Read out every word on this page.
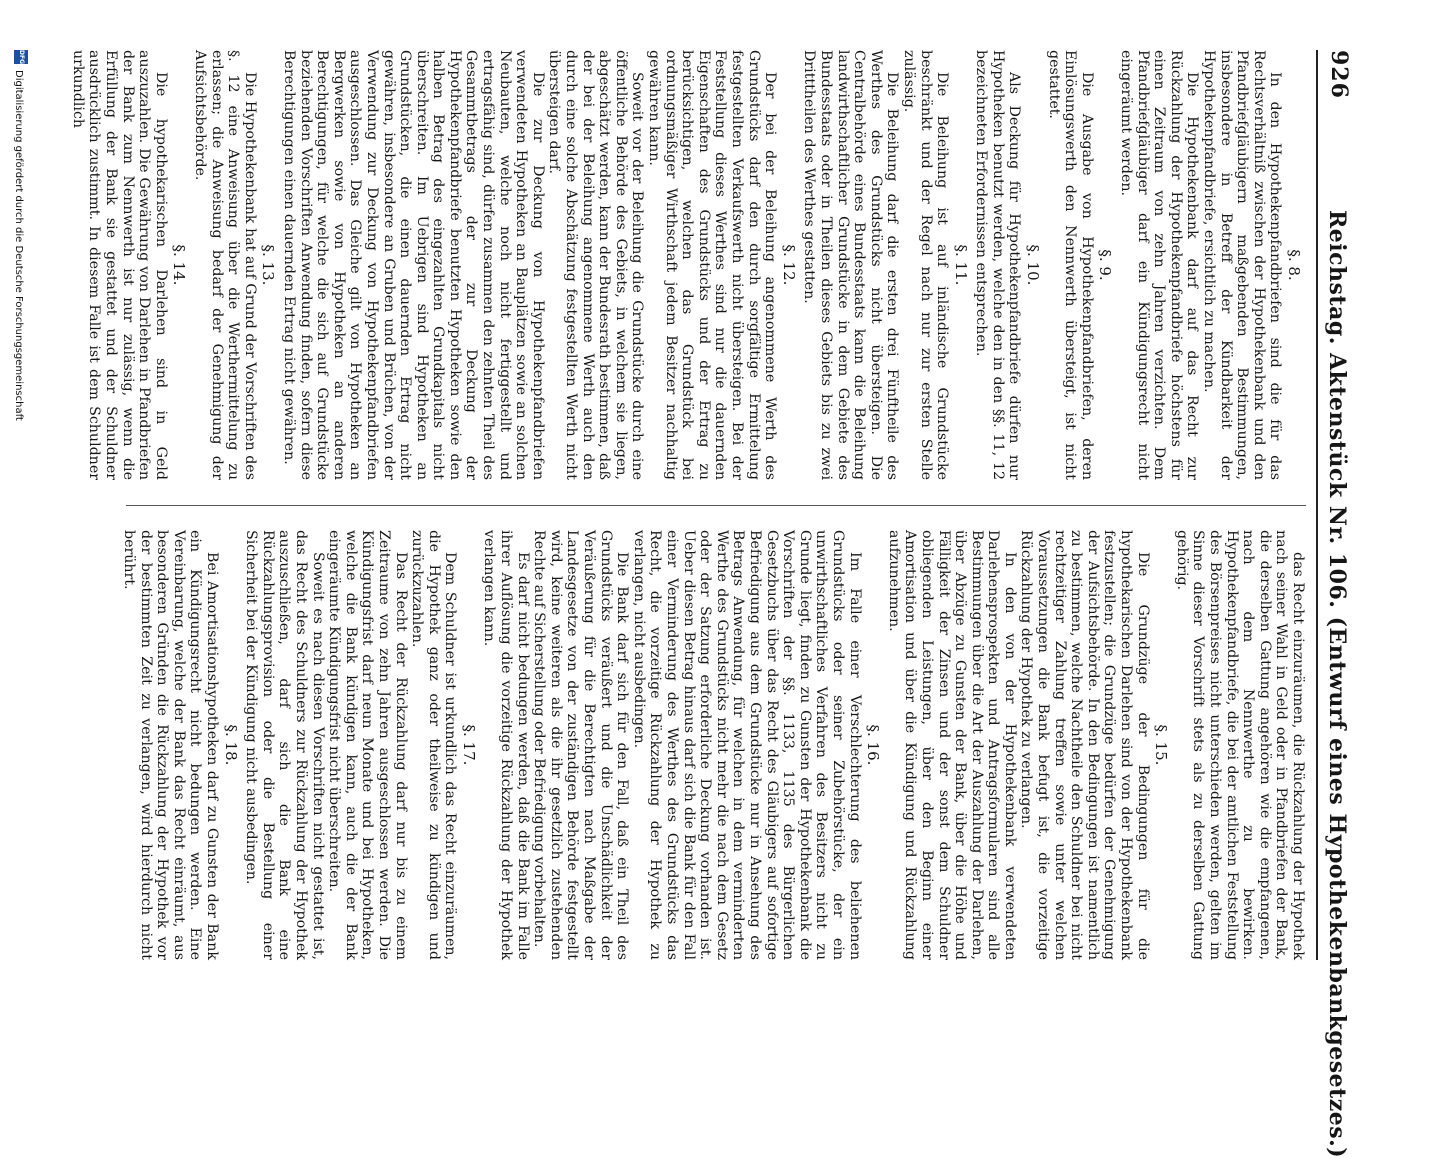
926
Reichstag. Aktenstück Nr. 106. (Entwurf eines Hypothekenbankgesetzes.)
§. 8.

In den Hypothekenpfandbriefen sind die für das Rechtsverhältniß zwischen der Hypothekenbank und den Pfandbriefgläubigern maßgebenden Bestimmungen, insbesondere in Betreff der Kündbarkeit der Hypothekenpfandbriefe, ersichtlich zu machen.

Die Hypothekenbank darf auf das Recht zur Rückzahlung der Hypothekenpfandbriefe höchstens für einen Zeitraum von zehn Jahren verzichten. Dem Pfandbriefgläubiger darf ein Kündigungsrecht nicht eingeräumt werden.

§. 9.

Die Ausgabe von Hypothekenpfandbriefen, deren Einlösungswerth den Nennwerth übersteigt, ist nicht gestattet.

§. 10.

Als Deckung für Hypothekenpfandbriefe dürfen nur Hypotheken benutzt werden, welche den in den §§. 11, 12 bezeichneten Erfordernissen entsprechen.

§. 11.

Die Beleihung ist auf inländische Grundstücke beschränkt und der Regel nach nur zur ersten Stelle zulässig.

Die Beleihung darf die ersten drei Fünftheile des Werthes des Grundstücks nicht übersteigen. Die Centralbehörde eines Bundesstaats kann die Beleihung landwirthschaftlicher Grundstücke in dem Gebiete des Bundesstaats oder in Theilen dieses Gebiets bis zu zwei Dritttheilen des Werthes gestatten.

§. 12.

Der bei der Beleihung angenommene Werth des Grundstücks darf den durch sorgfältige Ermittelung festgestellten Verkaufswerth nicht übersteigen. Bei der Feststellung dieses Werthes sind nur die dauernden Eigenschaften des Grundstücks und der Ertrag zu berücksichtigen, welchen das Grundstück bei ordnungsmäßiger Wirthschaft jedem Besitzer nachhaltig gewähren kann.

Soweit vor der Beleihung die Grundstücke durch eine öffentliche Behörde des Gebiets, in welchem sie liegen, abgeschätzt werden, kann der Bundesrath bestimmen, daß der bei der Beleihung angenommene Werth auch den durch eine solche Abschätzung festgestellten Werth nicht übersteigen darf.

Die zur Deckung von Hypothekenpfandbriefen verwendeten Hypotheken an Bauplätzen sowie an solchen Neubauten, welche noch nicht fertiggestellt und ertragsfähig sind, dürfen zusammen den zehnten Theil des Gesammtbetrags der zur Deckung der Hypothekenpfandbriefe benutzten Hypotheken sowie den halben Betrag des eingezahlten Grundkapitals nicht überschreiten. Im Uebrigen sind Hypotheken an Grundstücken, die einen dauernden Ertrag nicht gewähren, insbesondere an Gruben und Brüchen, von der Verwendung zur Deckung von Hypothekenpfandbriefen ausgeschlossen. Das Gleiche gilt von Hypotheken an Bergwerken sowie von Hypotheken an anderen Berechtigungen, für welche die sich auf Grundstücke beziehenden Vorschriften Anwendung finden, sofern diese Berechtigungen einen dauernden Ertrag nicht gewähren.

§. 13.

Die Hypothekenbank hat auf Grund der Vorschriften des §. 12 eine Anweisung über die Werthermittelung zu erlassen; die Anweisung bedarf der Genehmigung der Aufsichtsbehörde.

§. 14.

Die hypothekarischen Darlehen sind in Geld auszuzahlen. Die Gewährung von Darlehen in Pfandbriefen der Bank zum Nennwerth ist nur zulässig, wenn die Erfüllung der Bank sie gestattet und der Schuldner ausdrücklich zustimmt. In diesem Falle ist dem Schuldner urkundlich

das Recht einzuräumen, die Rückzahlung der Hypothek nach seiner Wahl in Geld oder in Pfandbriefen der Bank, die derselben Gattung angehören wie die empfangenen, nach dem Nennwerthe zu bewirken. Hypothekenpfandbriefe, die bei der amtlichen Feststellung des Börsenpreises nicht unterschieden werden, gelten im Sinne dieser Vorschrift stets als zu derselben Gattung gehörig.

§. 15.

Die Grundzüge der Bedingungen für die hypothekarischen Darlehen sind von der Hypothekenbank festzustellen; die Grundzüge bedürfen der Genehmigung der Aufsichtsbehörde. In den Bedingungen ist namentlich zu bestimmen, welche Nachtheile den Schuldner bei nicht rechtzeitiger Zahlung treffen sowie unter welchen Voraussetzungen die Bank befugt ist, die vorzeitige Rückzahlung der Hypothek zu verlangen.

In den von der Hypothekenbank verwendeten Darlehensprospekten und Antragsformularen sind alle Bestimmungen über die Art der Auszahlung der Darlehen, über Abzüge zu Gunsten der Bank, über die Höhe und Fälligkeit der Zinsen und der sonst dem Schuldner obliegenden Leistungen, über den Beginn einer Amortisation und über die Kündigung und Rückzahlung aufzunehmen.

§. 16.

Im Falle einer Verschlechterung des beliehenen Grundstücks oder seiner Zubehörstücke, der ein unwirthschaftliches Verfahren des Besitzers nicht zu Grunde liegt, finden zu Gunsten der Hypothekenbank die Vorschriften der §§. 1133, 1135 des Bürgerlichen Gesetzbuchs über das Recht des Gläubigers auf sofortige Befriedigung aus dem Grundstücke nur in Ansehung des Betrags Anwendung, für welchen in dem verminderten Werthe des Grundstücks nicht mehr die nach dem Gesetz oder der Satzung erforderliche Deckung vorhanden ist. Ueber diesen Betrag hinaus darf sich die Bank für den Fall einer Verminderung des Werthes des Grundstücks das Recht, die vorzeitige Rückzahlung der Hypothek zu verlangen, nicht ausbedingen.

Die Bank darf sich für den Fall, daß ein Theil des Grundstücks veräußert und die Unschädlichkeit der Veräußerung für die Berechtigten nach Maßgabe der Landesgesetze von der zuständigen Behörde festgestellt wird, keine weiteren als die ihr gesetzlich zustehenden Rechte auf Sicherstellung oder Befriedigung vorbehalten.

Es darf nicht bedungen werden, daß die Bank im Falle ihrer Auflösung die vorzeitige Rückzahlung der Hypothek verlangen kann.

§. 17.

Dem Schuldner ist urkundlich das Recht einzuräumen, die Hypothek ganz oder theilweise zu kündigen und zurückzuzahlen.

Das Recht der Rückzahlung darf nur bis zu einem Zeitraume von zehn Jahren ausgeschlossen werden. Die Kündigungsfrist darf neun Monate und bei Hypotheken, welche die Bank kündigen kann, auch die der Bank eingeräumte Kündigungsfrist nicht überschreiten.

Soweit es nach diesen Vorschriften nicht gestattet ist, das Recht des Schuldners zur Rückzahlung der Hypothek auszuschließen, darf sich die Bank eine Rückzahlungsprovision oder die Bestellung einer Sicherheit bei der Kündigung nicht ausbedingen.

§. 18.

Bei Amortisationshypotheken darf zu Gunsten der Bank ein Kündigungsrecht nicht bedungen werden. Eine Vereinbarung, welche der Bank das Recht einräumt, aus besonderen Gründen die Rückzahlung der Hypothek vor der bestimmten Zeit zu verlangen, wird hierdurch nicht berührt.

DFG
Digitalisierung gefördert durch die Deutsche Forschungsgemeinschaft
